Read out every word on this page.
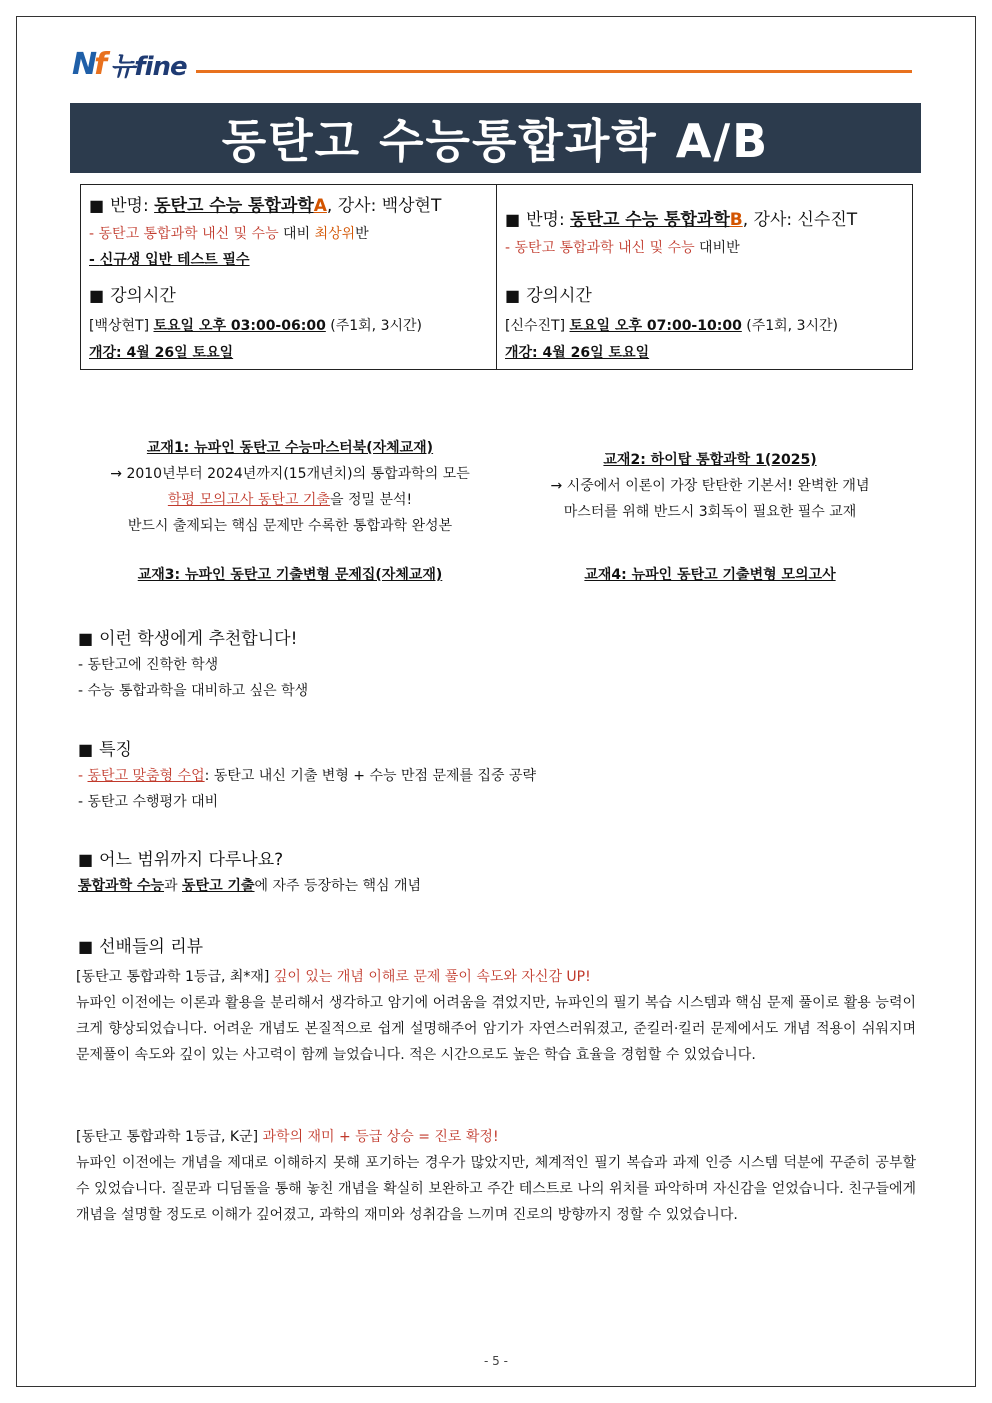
Nf 뉴fine
동탄고 수능통합과학 A/B
■ 반명: 동탄고 수능 통합과학A, 강사: 백상현T
- 동탄고 통합과학 내신 및 수능 대비 최상위반
- 신규생 입반 테스트 필수
■ 강의시간
[백상현T] 토요일 오후 03:00-06:00 (주1회, 3시간)
개강: 4월 26일 토요일
■ 반명: 동탄고 수능 통합과학B, 강사: 신수진T
- 동탄고 통합과학 내신 및 수능 대비반
■ 강의시간
[신수진T] 토요일 오후 07:00-10:00 (주1회, 3시간)
개강: 4월 26일 토요일
교재1: 뉴파인 동탄고 수능마스터북(자체교재)
→ 2010년부터 2024년까지(15개년치)의 통합과학의 모든
학평 모의고사 동탄고 기출을 정밀 분석!
반드시 출제되는 핵심 문제만 수록한 통합과학 완성본
교재2: 하이탑 통합과학 1(2025)
→ 시중에서 이론이 가장 탄탄한 기본서! 완벽한 개념
마스터를 위해 반드시 3회독이 필요한 필수 교재
교재3: 뉴파인 동탄고 기출변형 문제집(자체교재)	교재4: 뉴파인 동탄고 기출변형 모의고사
■ 이런 학생에게 추천합니다!
- 동탄고에 진학한 학생
- 수능 통합과학을 대비하고 싶은 학생
■ 특징
- 동탄고 맞춤형 수업: 동탄고 내신 기출 변형 + 수능 만점 문제를 집중 공략
- 동탄고 수행평가 대비
■ 어느 범위까지 다루나요?
통합과학 수능과 동탄고 기출에 자주 등장하는 핵심 개념
■ 선배들의 리뷰
[동탄고 통합과학 1등급, 최*재] 깊이 있는 개념 이해로 문제 풀이 속도와 자신감 UP!
뉴파인 이전에는 이론과 활용을 분리해서 생각하고 암기에 어려움을 겪었지만, 뉴파인의 필기 복습 시스템과 핵심 문제 풀이로 활용 능력이 크게 향상되었습니다. 어려운 개념도 본질적으로 쉽게 설명해주어 암기가 자연스러워졌고, 준킬러·킬러 문제에서도 개념 적용이 쉬워지며 문제풀이 속도와 깊이 있는 사고력이 함께 늘었습니다. 적은 시간으로도 높은 학습 효율을 경험할 수 있었습니다.
[동탄고 통합과학 1등급, K군] 과학의 재미 + 등급 상승 = 진로 확정!
뉴파인 이전에는 개념을 제대로 이해하지 못해 포기하는 경우가 많았지만, 체계적인 필기 복습과 과제 인증 시스템 덕분에 꾸준히 공부할 수 있었습니다. 질문과 디딤돌을 통해 놓친 개념을 확실히 보완하고 주간 테스트로 나의 위치를 파악하며 자신감을 얻었습니다. 친구들에게 개념을 설명할 정도로 이해가 깊어졌고, 과학의 재미와 성취감을 느끼며 진로의 방향까지 정할 수 있었습니다.
- 5 -
